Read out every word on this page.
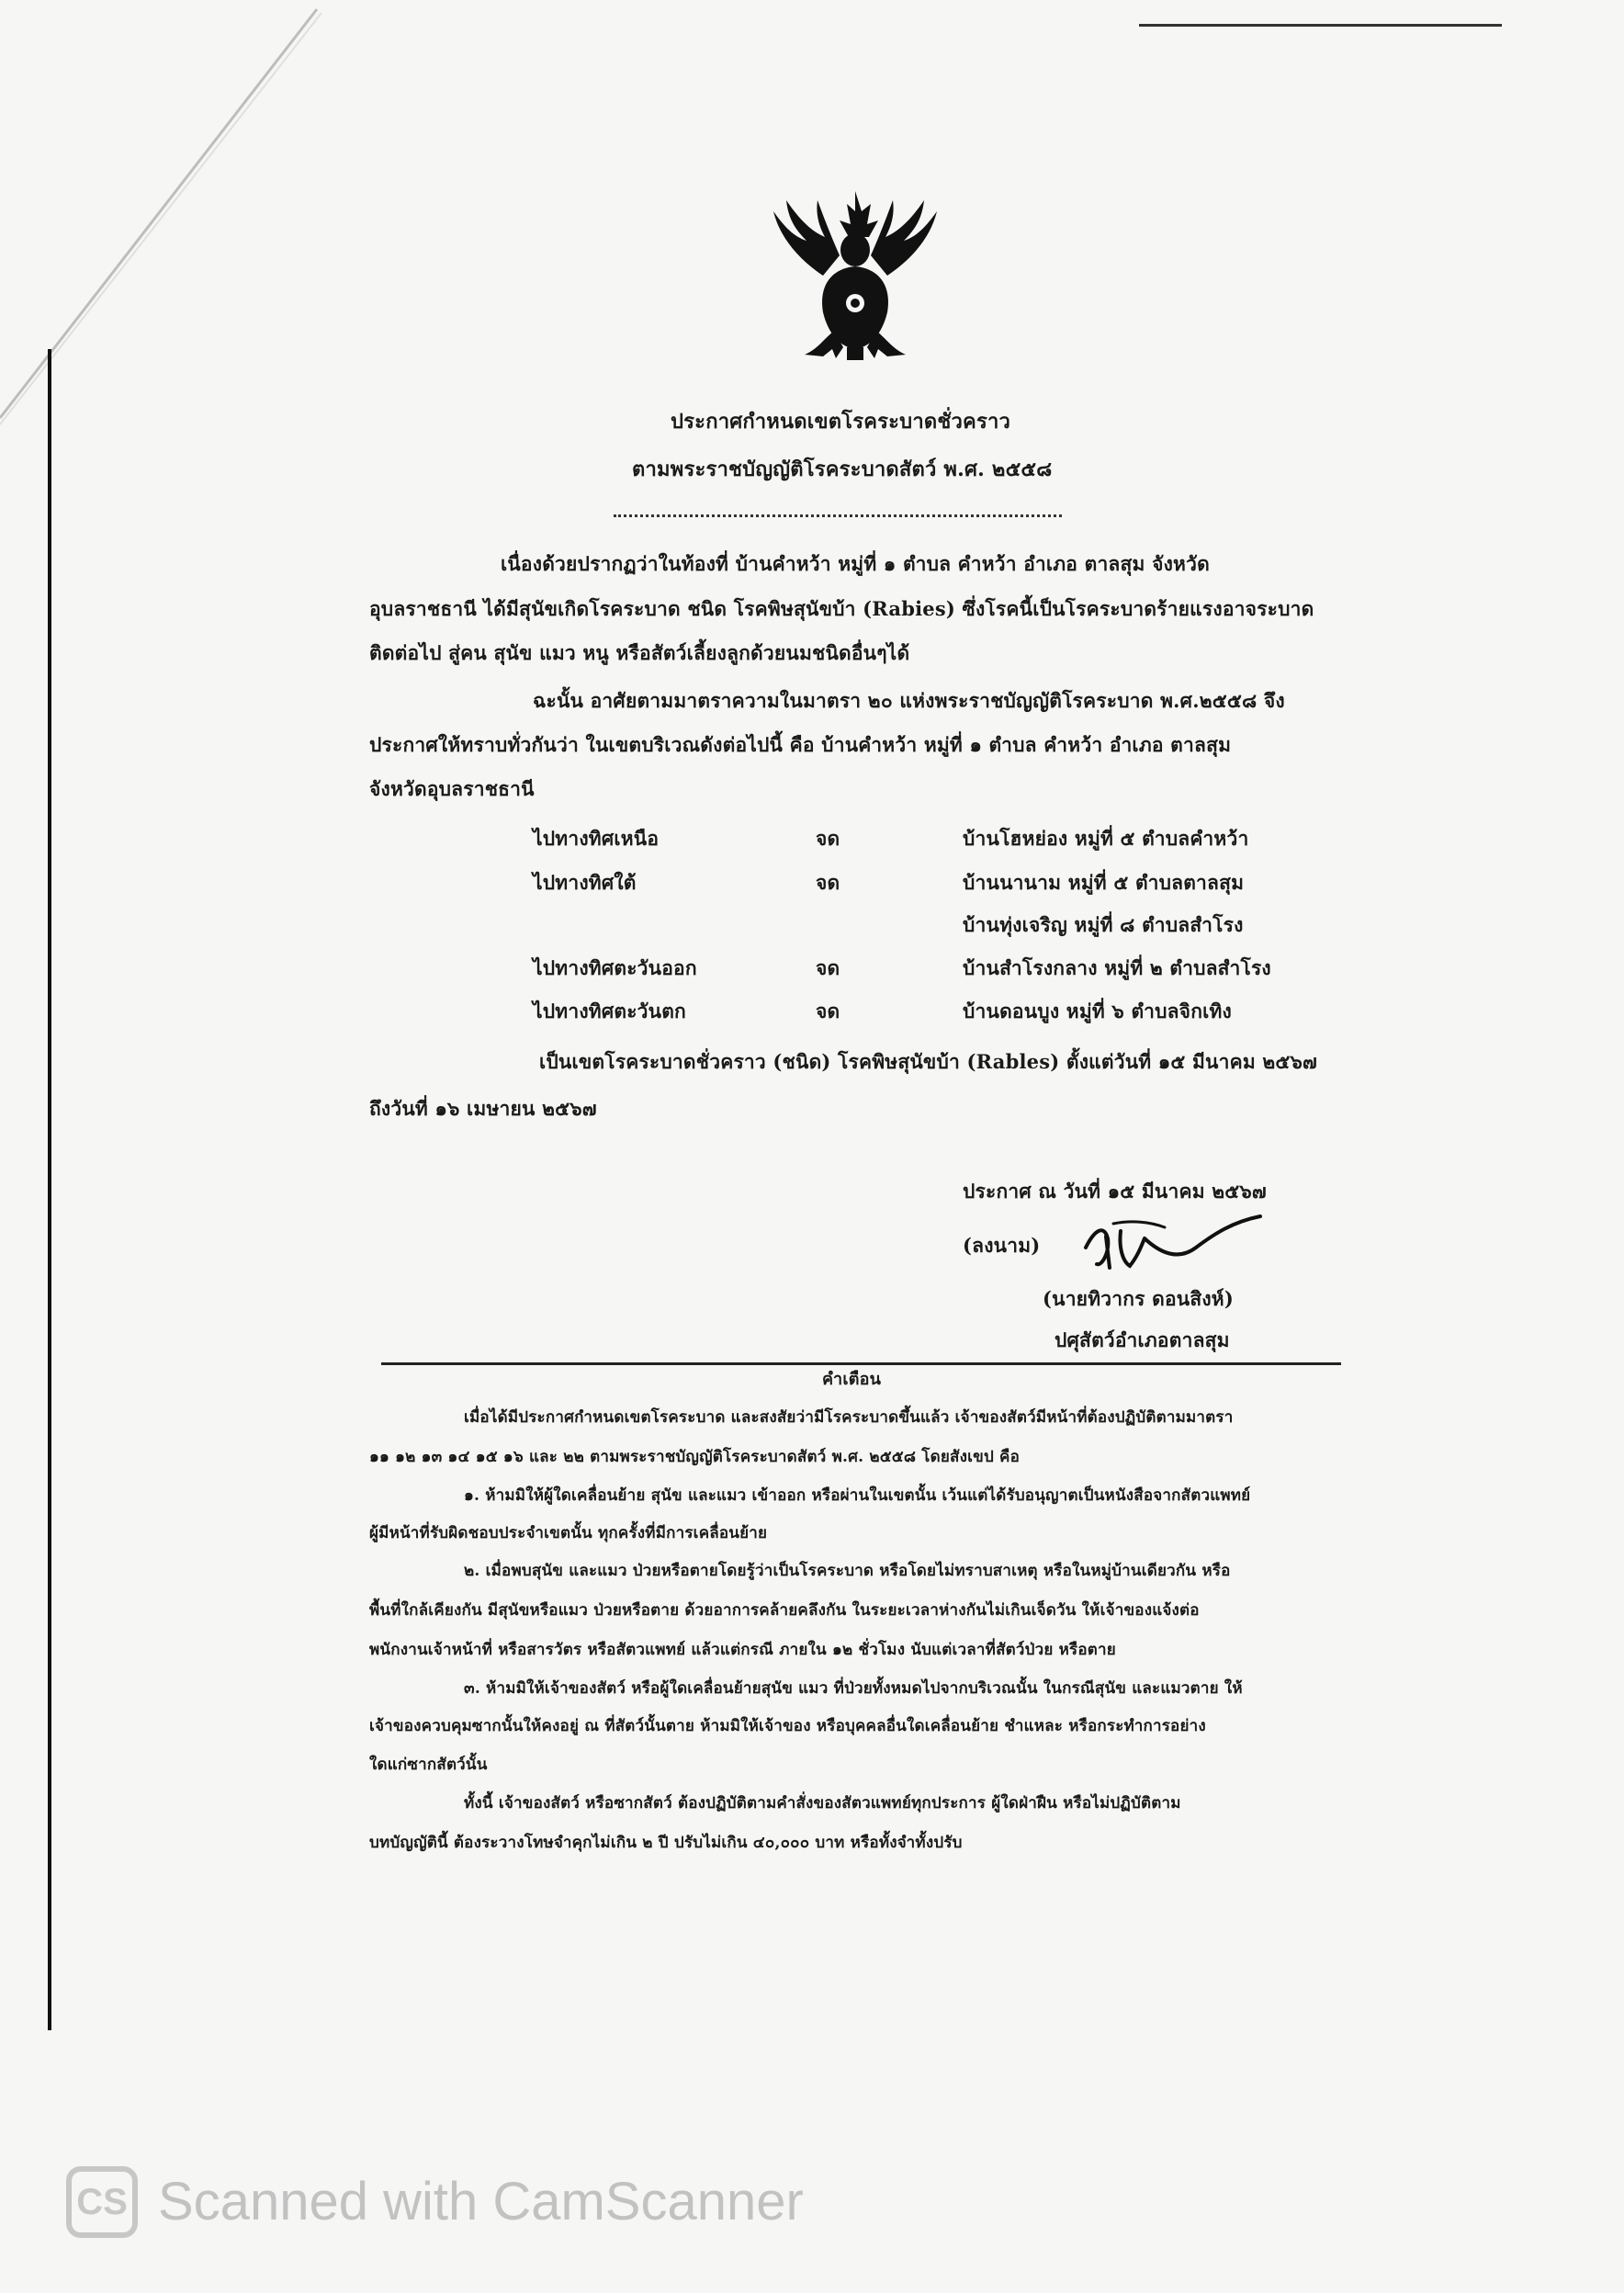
ประกาศกำหนดเขตโรคระบาดชั่วคราว
ตามพระราชบัญญัติโรคระบาดสัตว์ พ.ศ. ๒๕๕๘
เนื่องด้วยปรากฏว่าในท้องที่ บ้านคำหว้า หมู่ที่ ๑ ตำบล คำหว้า อำเภอ ตาลสุม จังหวัด
อุบลราชธานี ได้มีสุนัขเกิดโรคระบาด ชนิด โรคพิษสุนัขบ้า (Rabies) ซึ่งโรคนี้เป็นโรคระบาดร้ายแรงอาจระบาด
ติดต่อไป สู่คน สุนัข แมว หนู หรือสัตว์เลี้ยงลูกด้วยนมชนิดอื่นๆได้
ฉะนั้น อาศัยตามมาตราความในมาตรา ๒๐ แห่งพระราชบัญญัติโรคระบาด พ.ศ.๒๕๕๘ จึง
ประกาศให้ทราบทั่วกันว่า ในเขตบริเวณดังต่อไปนี้ คือ บ้านคำหว้า หมู่ที่ ๑ ตำบล คำหว้า อำเภอ ตาลสุม
จังหวัดอุบลราชธานี
ไปทางทิศเหนือ	จด	บ้านโฮหย่อง หมู่ที่ ๕ ตำบลคำหว้า
ไปทางทิศใต้	จด	บ้านนานาม หมู่ที่ ๕ ตำบลตาลสุม
บ้านทุ่งเจริญ หมู่ที่ ๘ ตำบลสำโรง
ไปทางทิศตะวันออก	จด	บ้านสำโรงกลาง หมู่ที่ ๒ ตำบลสำโรง
ไปทางทิศตะวันตก	จด	บ้านดอนบูง หมู่ที่ ๖ ตำบลจิกเทิง
เป็นเขตโรคระบาดชั่วคราว (ชนิด) โรคพิษสุนัขบ้า (Rables) ตั้งแต่วันที่ ๑๕ มีนาคม ๒๕๖๗
ถึงวันที่ ๑๖ เมษายน ๒๕๖๗
ประกาศ ณ วันที่ ๑๕ มีนาคม ๒๕๖๗
(ลงนาม)
(นายทิวากร ดอนสิงห์)
ปศุสัตว์อำเภอตาลสุม
คำเตือน
เมื่อได้มีประกาศกำหนดเขตโรคระบาด และสงสัยว่ามีโรคระบาดขึ้นแล้ว เจ้าของสัตว์มีหน้าที่ต้องปฏิบัติตามมาตรา
๑๑ ๑๒ ๑๓ ๑๔ ๑๕ ๑๖ และ ๒๒ ตามพระราชบัญญัติโรคระบาดสัตว์ พ.ศ. ๒๕๕๘ โดยสังเขป คือ
๑. ห้ามมิให้ผู้ใดเคลื่อนย้าย สุนัข และแมว เข้าออก หรือผ่านในเขตนั้น เว้นแต่ได้รับอนุญาตเป็นหนังสือจากสัตวแพทย์
ผู้มีหน้าที่รับผิดชอบประจำเขตนั้น ทุกครั้งที่มีการเคลื่อนย้าย
๒. เมื่อพบสุนัข และแมว ป่วยหรือตายโดยรู้ว่าเป็นโรคระบาด หรือโดยไม่ทราบสาเหตุ หรือในหมู่บ้านเดียวกัน หรือ
พื้นที่ใกล้เคียงกัน มีสุนัขหรือแมว ป่วยหรือตาย ด้วยอาการคล้ายคลึงกัน ในระยะเวลาห่างกันไม่เกินเจ็ดวัน ให้เจ้าของแจ้งต่อ
พนักงานเจ้าหน้าที่ หรือสารวัตร หรือสัตวแพทย์ แล้วแต่กรณี ภายใน ๑๒ ชั่วโมง นับแต่เวลาที่สัตว์ป่วย หรือตาย
๓. ห้ามมิให้เจ้าของสัตว์ หรือผู้ใดเคลื่อนย้ายสุนัข แมว ที่ป่วยทั้งหมดไปจากบริเวณนั้น ในกรณีสุนัข และแมวตาย ให้
เจ้าของควบคุมซากนั้นให้คงอยู่ ณ ที่สัตว์นั้นตาย ห้ามมิให้เจ้าของ หรือบุคคลอื่นใดเคลื่อนย้าย ชำแหละ หรือกระทำการอย่าง
ใดแก่ซากสัตว์นั้น
ทั้งนี้ เจ้าของสัตว์ หรือซากสัตว์ ต้องปฏิบัติตามคำสั่งของสัตวแพทย์ทุกประการ ผู้ใดฝ่าฝืน หรือไม่ปฏิบัติตาม
บทบัญญัตินี้ ต้องระวางโทษจำคุกไม่เกิน ๒ ปี ปรับไม่เกิน ๔๐,๐๐๐ บาท หรือทั้งจำทั้งปรับ
CS Scanned with CamScanner
